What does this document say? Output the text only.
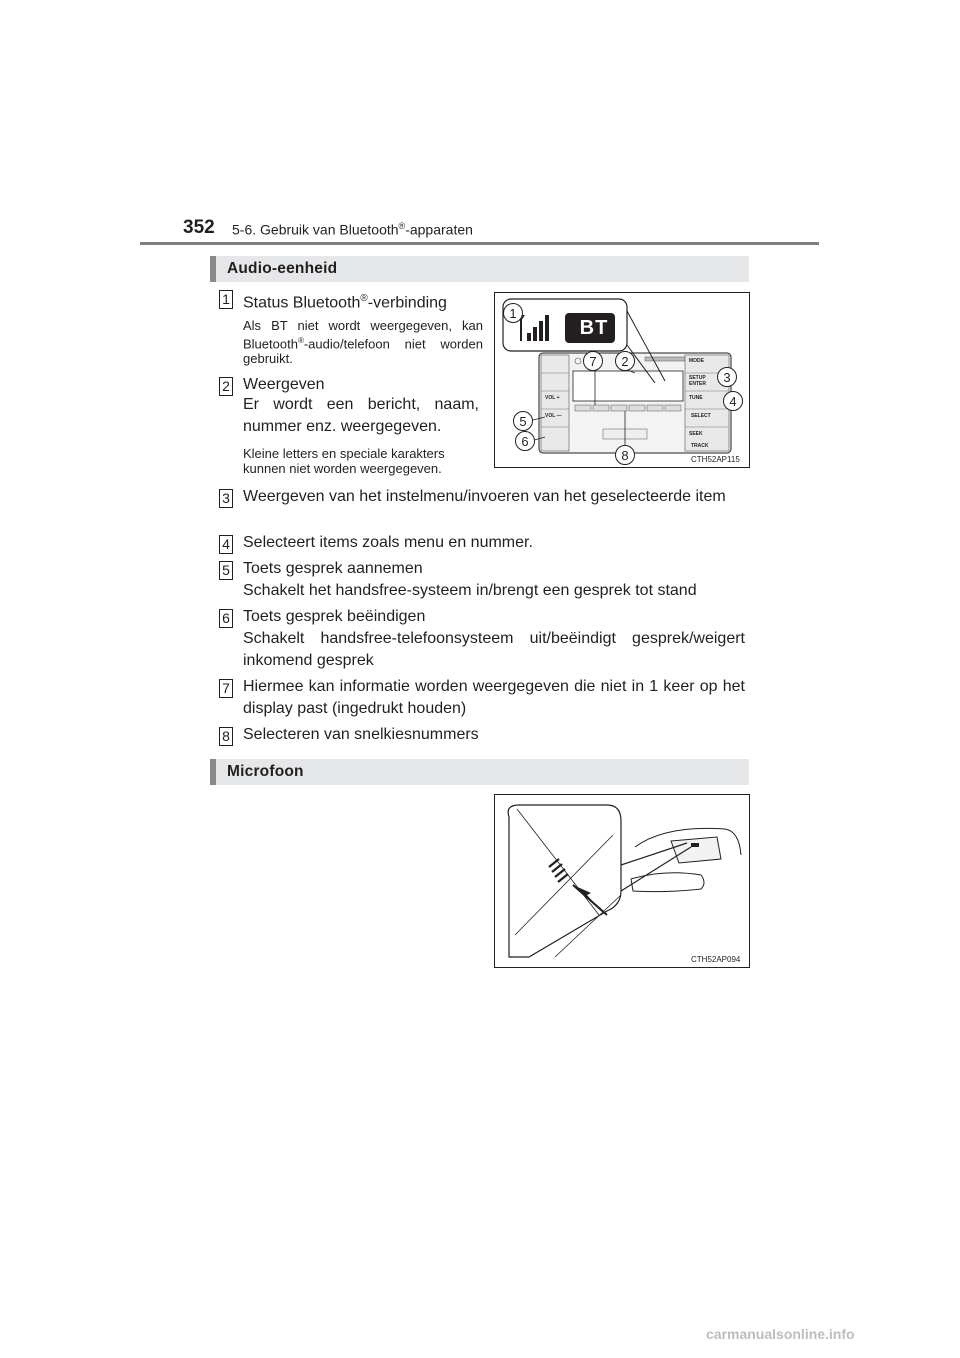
352 5-6. Gebruik van Bluetooth®-apparaten
Audio-eenheid
1 Status Bluetooth®-verbinding
Als BT niet wordt weergegeven, kan Bluetooth®-audio/telefoon niet worden gebruikt.
2 Weergeven
Er wordt een bericht, naam, nummer enz. weergegeven.
Kleine letters en speciale karakters kunnen niet worden weergegeven.
BT
MODE
SETUP
ENTER
TUNE
SELECT
SEEK
TRACK
VOL +
VOL —
1
2
3
4
5
6
7
8	CTH52AP115
3 Weergeven van het instelmenu/invoeren van het geselecteerde item
4 Selecteert items zoals menu en nummer.
5 Toets gesprek aannemen
Schakelt het handsfree-systeem in/brengt een gesprek tot stand
6 Toets gesprek beëindigen
Schakelt handsfree-telefoonsysteem uit/beëindigt gesprek/weigert inkomend gesprek
7 Hiermee kan informatie worden weergegeven die niet in 1 keer op het display past (ingedrukt houden)
8 Selecteren van snelkiesnummers
Microfoon
CTH52AP094
carmanualsonline.info
